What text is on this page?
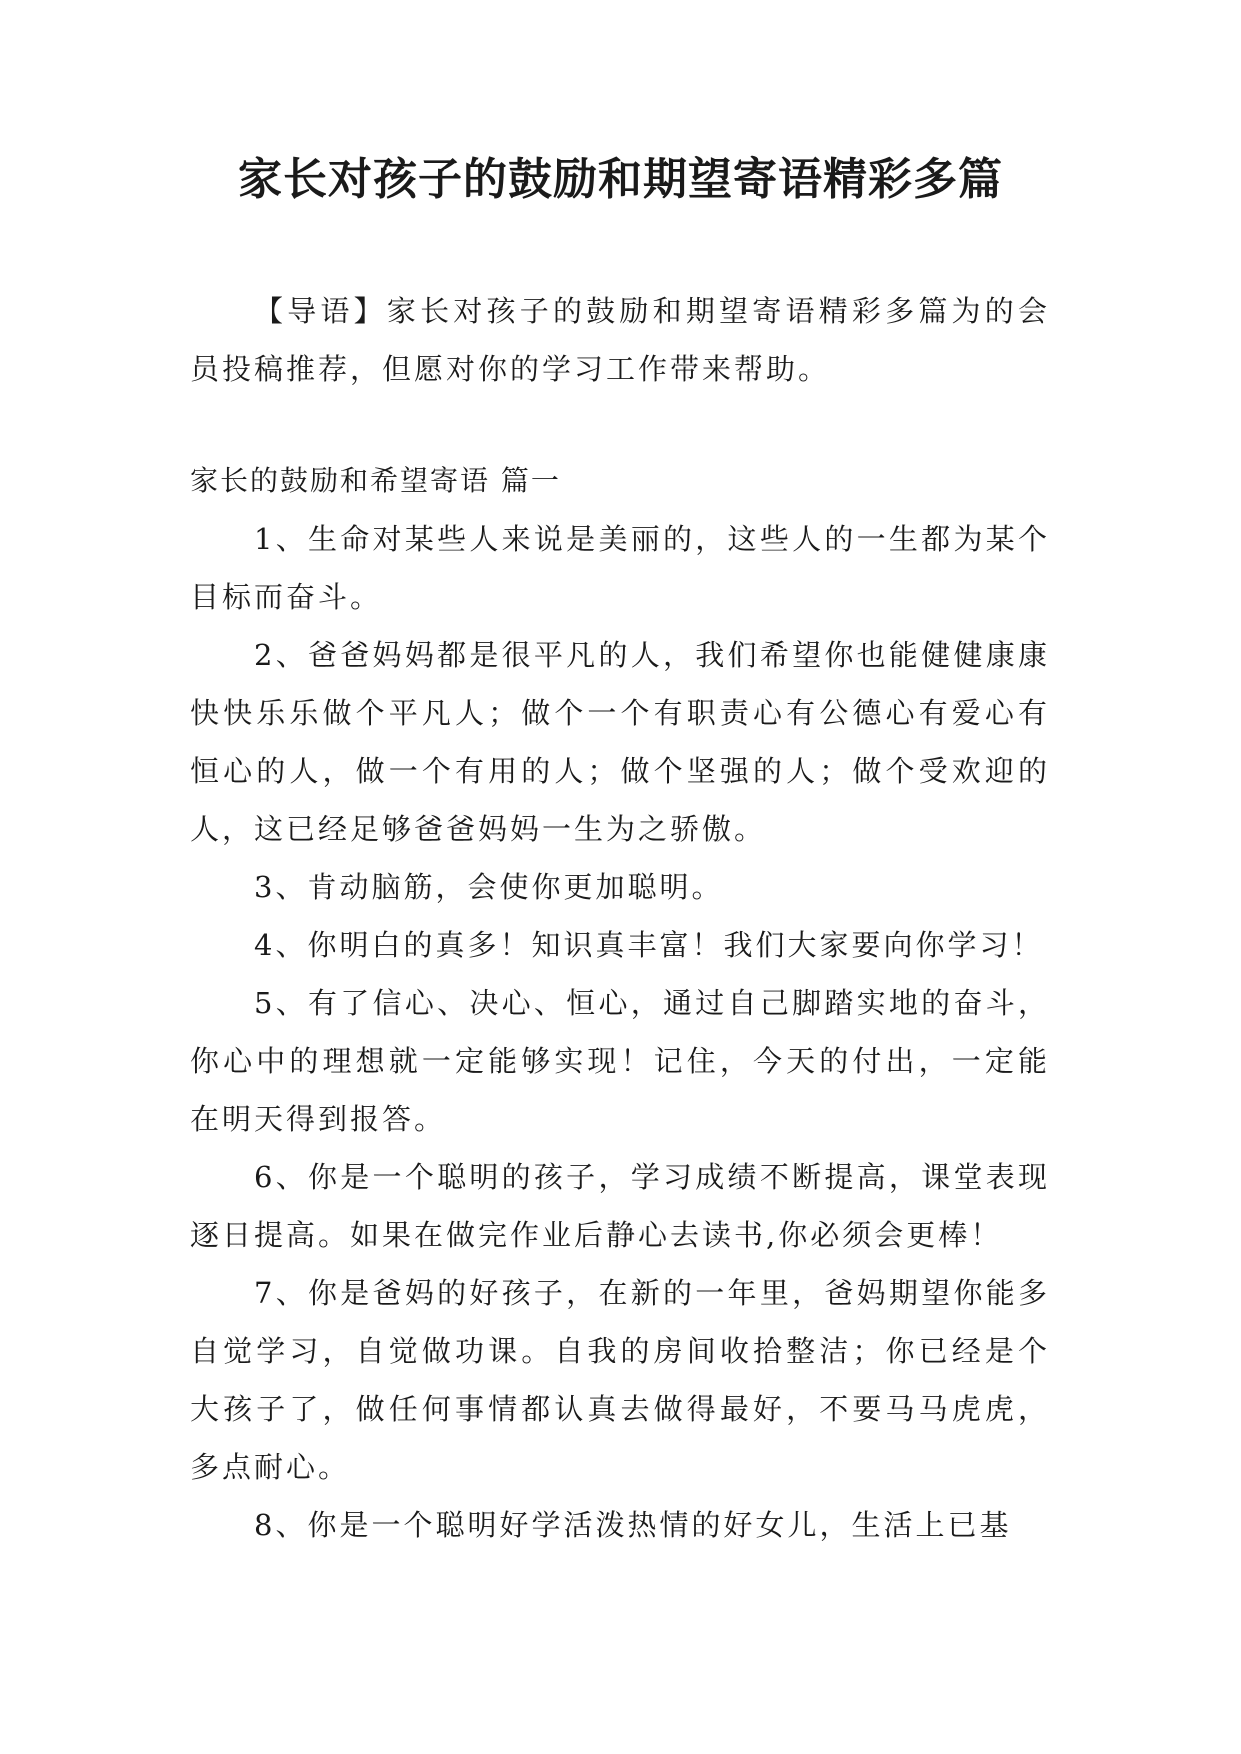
家长对孩子的鼓励和期望寄语精彩多篇

【导语】家长对孩子的鼓励和期望寄语精彩多篇为的会员投稿推荐，但愿对你的学习工作带来帮助。

家长的鼓励和希望寄语 篇一

1、生命对某些人来说是美丽的，这些人的一生都为某个目标而奋斗。

2、爸爸妈妈都是很平凡的人，我们希望你也能健健康康快快乐乐做个平凡人；做个一个有职责心有公德心有爱心有恒心的人，做一个有用的人；做个坚强的人；做个受欢迎的人，这已经足够爸爸妈妈一生为之骄傲。

3、肯动脑筋，会使你更加聪明。

4、你明白的真多！知识真丰富！我们大家要向你学习！

5、有了信心、决心、恒心，通过自己脚踏实地的奋斗，你心中的理想就一定能够实现！记住，今天的付出，一定能在明天得到报答。

6、你是一个聪明的孩子，学习成绩不断提高，课堂表现逐日提高。如果在做完作业后静心去读书,你必须会更棒！

7、你是爸妈的好孩子，在新的一年里，爸妈期望你能多自觉学习，自觉做功课。自我的房间收拾整洁；你已经是个大孩子了，做任何事情都认真去做得最好，不要马马虎虎，多点耐心。

8、你是一个聪明好学活泼热情的好女儿，生活上已基
